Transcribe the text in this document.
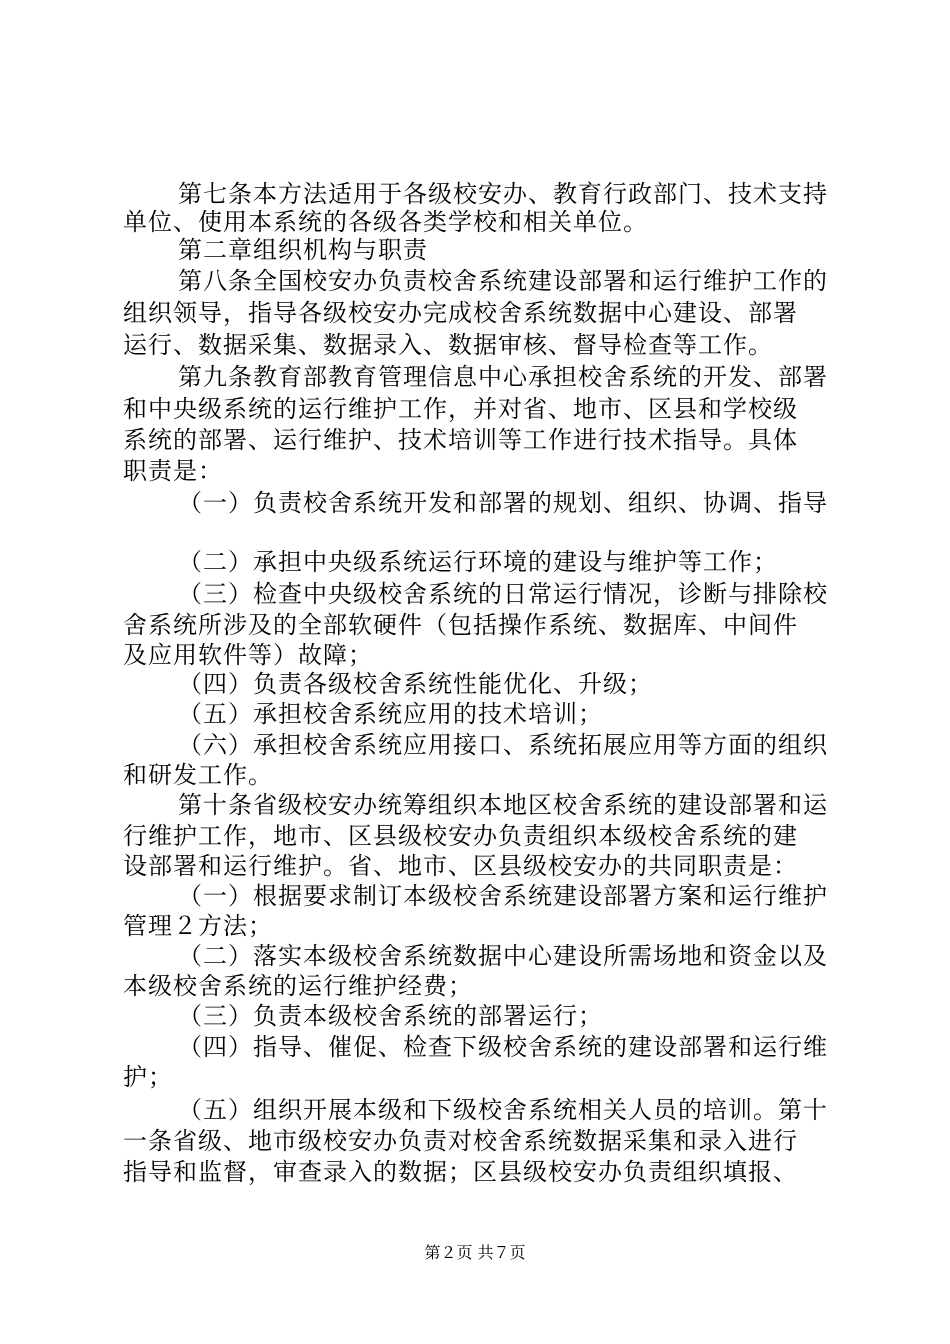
第七条本方法适用于各级校安办、教育行政部门、技术支持
单位、使用本系统的各级各类学校和相关单位。
第二章组织机构与职责
第八条全国校安办负责校舍系统建设部署和运行维护工作的
组织领导，指导各级校安办完成校舍系统数据中心建设、部署
运行、数据采集、数据录入、数据审核、督导检查等工作。
第九条教育部教育管理信息中心承担校舍系统的开发、部署
和中央级系统的运行维护工作，并对省、地市、区县和学校级
系统的部署、运行维护、技术培训等工作进行技术指导。具体
职责是：
（一）负责校舍系统开发和部署的规划、组织、协调、指导
（二）承担中央级系统运行环境的建设与维护等工作；
（三）检查中央级校舍系统的日常运行情况，诊断与排除校
舍系统所涉及的全部软硬件（包括操作系统、数据库、中间件
及应用软件等）故障；
（四）负责各级校舍系统性能优化、升级；
（五）承担校舍系统应用的技术培训；
（六）承担校舍系统应用接口、系统拓展应用等方面的组织
和研发工作。
第十条省级校安办统筹组织本地区校舍系统的建设部署和运
行维护工作，地市、区县级校安办负责组织本级校舍系统的建
设部署和运行维护。省、地市、区县级校安办的共同职责是：
（一）根据要求制订本级校舍系统建设部署方案和运行维护
管理２方法；
（二）落实本级校舍系统数据中心建设所需场地和资金以及
本级校舍系统的运行维护经费；
（三）负责本级校舍系统的部署运行；
（四）指导、催促、检查下级校舍系统的建设部署和运行维
护；
（五）组织开展本级和下级校舍系统相关人员的培训。第十
一条省级、地市级校安办负责对校舍系统数据采集和录入进行
指导和监督，审查录入的数据；区县级校安办负责组织填报、
第２页 共７页
